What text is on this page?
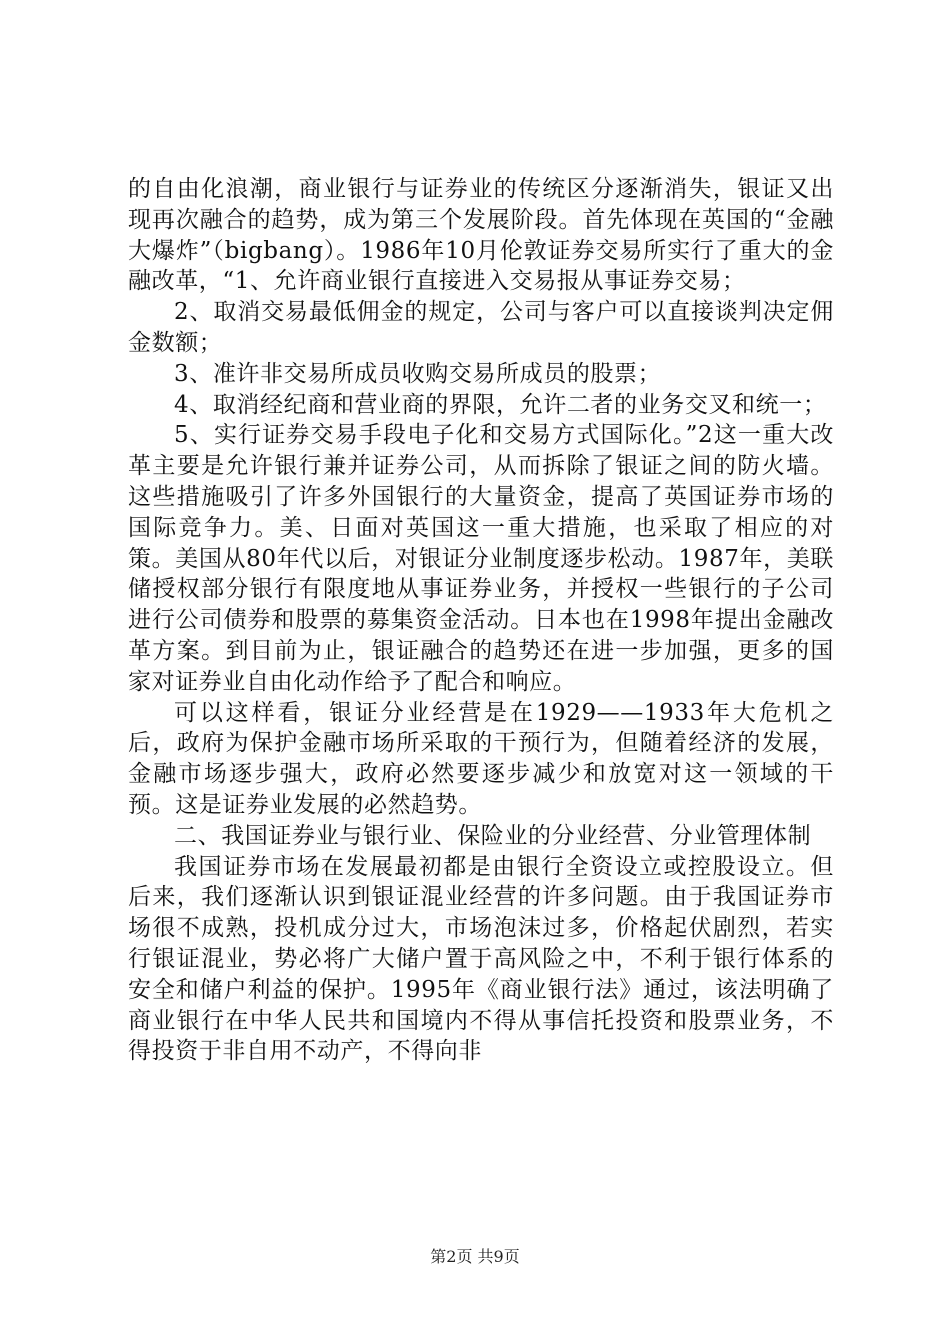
的自由化浪潮，商业银行与证券业的传统区分逐渐消失，银证又出现再次融合的趋势，成为第三个发展阶段。首先体现在英国的“金融大爆炸”（bigbang）。1986年10月伦敦证券交易所实行了重大的金融改革，“1、允许商业银行直接进入交易报从事证券交易；

2、取消交易最低佣金的规定，公司与客户可以直接谈判决定佣金数额；

3、准许非交易所成员收购交易所成员的股票；

4、取消经纪商和营业商的界限，允许二者的业务交叉和统一；

5、实行证券交易手段电子化和交易方式国际化。”2这一重大改革主要是允许银行兼并证券公司，从而拆除了银证之间的防火墙。这些措施吸引了许多外国银行的大量资金，提高了英国证券市场的国际竞争力。美、日面对英国这一重大措施，也采取了相应的对策。美国从80年代以后，对银证分业制度逐步松动。1987年，美联储授权部分银行有限度地从事证券业务，并授权一些银行的子公司进行公司债券和股票的募集资金活动。日本也在1998年提出金融改革方案。到目前为止，银证融合的趋势还在进一步加强，更多的国家对证券业自由化动作给予了配合和响应。

可以这样看，银证分业经营是在1929——1933年大危机之后，政府为保护金融市场所采取的干预行为，但随着经济的发展，金融市场逐步强大，政府必然要逐步减少和放宽对这一领域的干预。这是证券业发展的必然趋势。

二、我国证券业与银行业、保险业的分业经营、分业管理体制

我国证券市场在发展最初都是由银行全资设立或控股设立。但后来，我们逐渐认识到银证混业经营的许多问题。由于我国证券市场很不成熟，投机成分过大，市场泡沫过多，价格起伏剧烈，若实行银证混业，势必将广大储户置于高风险之中，不利于银行体系的安全和储户利益的保护。1995年《商业银行法》通过，该法明确了商业银行在中华人民共和国境内不得从事信托投资和股票业务，不得投资于非自用不动产，不得向非

第2页 共9页
